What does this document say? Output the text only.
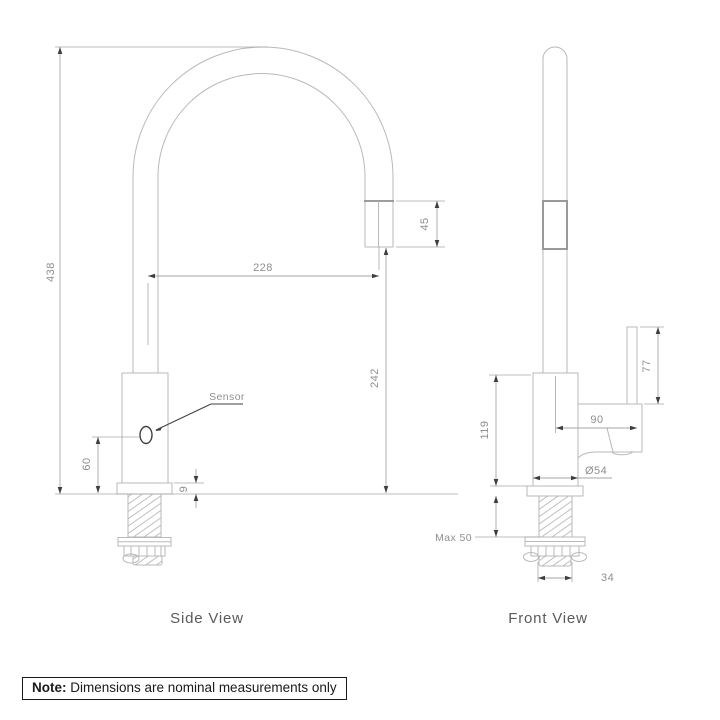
438	228
45
242
60
9
Sensor
Side View
77
90
119
Max 50
Ø54
34
Front View
Note: Dimensions are nominal measurements only
